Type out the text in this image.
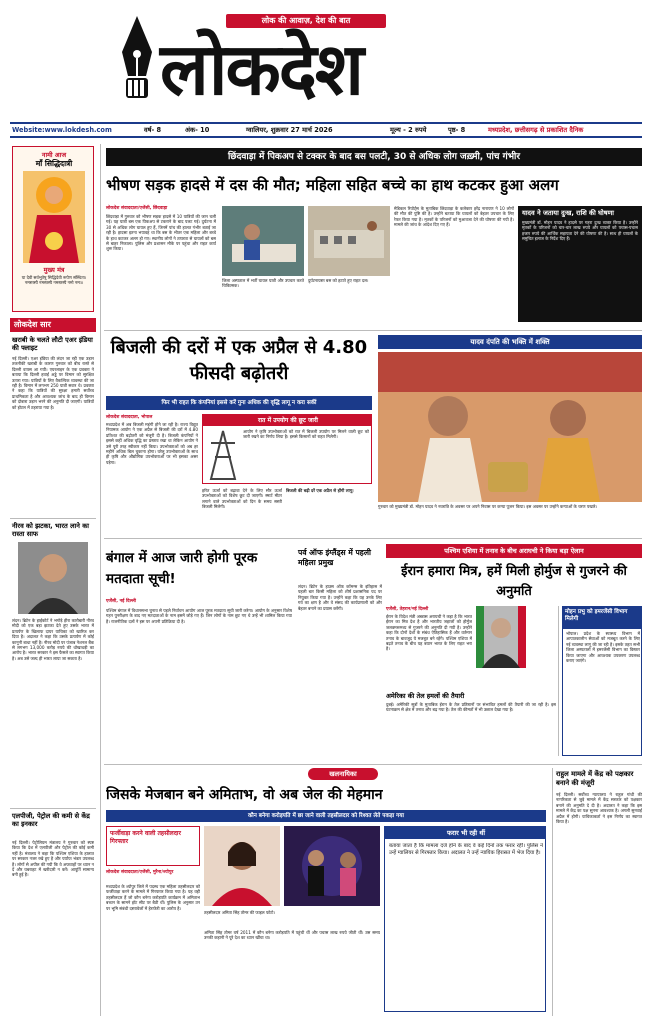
लोक की आवाज़, देश की बात
लोकदेश
Website:www.lokdesh.com	वर्ष- 8	अंक- 10	ग्वालियर, शुक्रवार 27 मार्च 2026	मूल्य - 2 रुपये	पृष्ठ- 8	मध्यप्रदेश, छत्तीसगढ़ से प्रकाशित दैनिक
नामी आज
माँ सिद्धिदात्री
मुख्य मंत्र
या देवी सर्वभूतेषु सिद्धिदेवी रूपेण संस्थिता। नमस्तस्यै नमस्तस्यै नमस्तस्यै नमो नमः॥
लोकदेश सार
खराबी के चलते लौटी एअर इंडिया की फ्लाइट
नई दिल्ली। एअर इंडिया की लंदन जा रही एक उड़ान तकनीकी खराबी के कारण गुरुवार को बीच रास्ते से दिल्ली वापस आ गयी। एयरलाइन के एक प्रवक्ता ने बताया कि दिल्ली हवाई अड्डे पर विमान को सुरक्षित उतारा गया। यात्रियों के लिए वैकल्पिक व्यवस्था की जा रही है। विमान में लगभग 250 यात्री सवार थे। प्रवक्ता ने कहा कि यात्रियों की सुरक्षा हमारी सर्वोच्च प्राथमिकता है और आवश्यक जांच के बाद ही विमान को दोबारा उड़ान भरने की अनुमति दी जाएगी। यात्रियों को होटल में ठहराया गया है।
नीरव को झटका, भारत लाने का रास्ता साफ
लंदन। ब्रिटेन के हाईकोर्ट ने भगोड़े हीरा कारोबारी नीरव मोदी को एक बड़ा झटका देते हुए उसके भारत में प्रत्यर्पण के खिलाफ दायर याचिका को खारिज कर दिया है। अदालत ने कहा कि उसके प्रत्यर्पण में कोई कानूनी बाधा नहीं है। नीरव मोदी पर पंजाब नेशनल बैंक से लगभग 13,000 करोड़ रुपये की धोखाधड़ी का आरोप है। भारत सरकार ने इस फैसले का स्वागत किया है। अब उसे जल्द ही भारत लाया जा सकता है।
एलपीजी, पेट्रोल की कमी से केंद्र का इनकार
नई दिल्ली। पेट्रोलियम मंत्रालय ने गुरुवार को स्पष्ट किया कि देश में एलपीजी और पेट्रोल की कोई कमी नहीं है। मंत्रालय ने कहा कि पश्चिम एशिया के हालात पर सरकार नजर रखे हुए है और पर्याप्त भंडार उपलब्ध है। लोगों से अपील की गयी कि वे अफवाहों पर ध्यान न दें और घबराहट में खरीदारी न करें। आपूर्ति सामान्य बनी हुई है।
छिंदवाड़ा में पिकअप से टक्कर के बाद बस पलटी, 30 से अधिक लोग जख़्मी, पांच गंभीर
भीषण सड़क हादसे में दस की मौत; महिला सहित बच्चे का हाथ कटकर हुआ अलग
लोकदेश संवाददाता/एजेंसी, छिंदवाड़ा
छिंदवाड़ा में गुरुवार को भीषण सड़क हादसे में 10 यात्रियों की जान चली गई। यह यात्री बस एक पिकअप से टकराने के बाद पलट गई। दुर्घटना में 30 से अधिक लोग घायल हुए हैं, जिनमें पांच की हालत गंभीर बताई जा रही है। हादसा इतना भयावह था कि बस के भीतर एक महिला और बच्चे के हाथ कटकर अलग हो गए। स्थानीय लोगों ने तत्परता से घायलों को बस से बाहर निकाला। पुलिस और प्रशासन मौके पर पहुंचा और राहत कार्य शुरू किया।
जिला अस्पताल में भर्ती घायल यात्री और उपचार करते चिकित्सक।
दुर्घटनाग्रस्त बस को हटाते हुए राहत दल।
मेडिकल रिपोर्ट्स के मुताबिक छिंदवाड़ा के कलेक्टर हरेंद्र नारायण ने 10 लोगों की मौत की पुष्टि की है। उन्होंने बताया कि घायलों को बेहतर उपचार के लिए रेफर किया गया है। मृतकों के परिजनों को मुआवजा देने की घोषणा की गयी है। मामले की जांच के आदेश दिए गए हैं।
यादव ने जताया दुःख, राशि की घोषणा
मुख्यमंत्री डॉ. मोहन यादव ने हादसे पर गहरा दुःख व्यक्त किया है। उन्होंने मृतकों के परिजनों को चार-चार लाख रुपये और घायलों को पचास-पचास हजार रुपये की आर्थिक सहायता देने की घोषणा की है। साथ ही घायलों के समुचित इलाज के निर्देश दिए हैं।
बिजली की दरों में एक अप्रैल से 4.80 फीसदी बढ़ोतरी
फिर भी राहत कि कंपनियां इससे करें गुना अधिक की वृद्धि लागू न करा सकीं
लोकदेश संवाददाता, भोपाल
मध्यप्रदेश में अब बिजली महंगी होने जा रही है। राज्य विद्युत नियामक आयोग ने एक अप्रैल से बिजली की दरों में 4.80 प्रतिशत की बढ़ोतरी को मंजूरी दी है। बिजली कंपनियों ने इससे कहीं अधिक वृद्धि का प्रस्ताव रखा था लेकिन आयोग ने उसे पूरी तरह स्वीकार नहीं किया। उपभोक्ताओं को अब हर महीने अधिक बिल चुकाना होगा। घरेलू उपभोक्ताओं के साथ ही कृषि और औद्योगिक उपभोक्ताओं पर भी इसका असर पड़ेगा।
रात में उपयोग की छूट जारी
आयोग ने कृषि उपभोक्ताओं को रात में बिजली उपयोग पर मिलने वाली छूट को जारी रखने का निर्णय लिया है। इससे किसानों को राहत मिलेगी।
हरित ऊर्जा को बढ़ावा देने के लिए सौर ऊर्जा उपभोक्ताओं को विशेष छूट दी जाएगी। स्मार्ट मीटर लगाने वाले उपभोक्ताओं को दिन के समय सस्ती बिजली मिलेगी।
बिजली की बढ़ी दरें एक अप्रैल से होंगी लागू।
यादव दंपति की भक्ति में शक्ति
गुरुवार को मुख्यमंत्री डॉ. मोहन यादव ने नवरात्रि के अवसर पर अपने निवास पर कन्या पूजन किया। इस अवसर पर उन्होंने कन्याओं के चरण पखारे।
बंगाल में आज जारी होगी पूरक मतदाता सूची!
एजेंसी, नई दिल्ली
पश्चिम बंगाल में विधानसभा चुनाव से पहले निर्वाचन आयोग आज पूरक मतदाता सूची जारी करेगा। आयोग के अनुसार विशेष गहन पुनरीक्षण के बाद नए मतदाताओं के नाम इसमें जोड़े गए हैं। जिन लोगों के नाम छूट गए थे उन्हें भी शामिल किया गया है। राजनीतिक दलों ने इस पर अपनी प्रतिक्रिया दी है।
पर्व ऑफ इंग्लैंड्स में पहली महिला प्रमुख
लंदन। ब्रिटेन के हाउस ऑफ कॉमन्स के इतिहास में पहली बार किसी महिला को शीर्ष प्रशासनिक पद पर नियुक्त किया गया है। उन्होंने कहा कि यह उनके लिए गर्व का क्षण है और वे संसद की कार्यप्रणाली को और बेहतर बनाने का प्रयास करेंगी।
पश्चिम एशिया में तनाव के बीच अराघची ने किया बड़ा ऐलान
ईरान हमारा मित्र, हमें मिली होर्मुज से गुजरने की अनुमति
एजेंसी, तेहरान/नई दिल्ली
ईरान के विदेश मंत्री अब्बास अराघची ने कहा है कि भारत ईरान का मित्र देश है और भारतीय जहाजों को होर्मुज जलडमरूमध्य से गुजरने की अनुमति दी गयी है। उन्होंने कहा कि दोनों देशों के संबंध ऐतिहासिक हैं और वर्तमान तनाव के बावजूद ये मजबूत बने रहेंगे। पश्चिम एशिया में बढ़ते तनाव के बीच यह बयान भारत के लिए राहत भरा है।
अमेरिका की तेल हमलों की तैयारी
दुबई। अमेरिकी सूत्रों के मुताबिक ईरान के तेल प्रतिष्ठानों पर संभावित हमलों की तैयारी की जा रही है। इस घटनाक्रम से क्षेत्र में तनाव और बढ़ गया है। तेल की कीमतों में भी उछाल देखा गया है।
मोहन प्रभु को इमरजेंसी विभाग मिलेगी
भोपाल। प्रदेश के स्वास्थ्य विभाग में आपातकालीन सेवाओं को मजबूत करने के लिए नई व्यवस्था लागू की जा रही है। इसके तहत सभी जिला अस्पतालों में इमरजेंसी विभाग का विस्तार किया जाएगा और आवश्यक उपकरण उपलब्ध कराए जाएंगे।
खलनायिका
जिसके मेजबान बने अमिताभ, वो अब जेल की मेहमान
कौन बनेगा करोड़पति में छा जाने वाली तहसीलदार को रिश्वत लेते पकड़ा गया
फर्जीवाड़ा करने वाली तहसीलदार गिरफ्तार
लोकदेश संवाददाता/एजेंसी, मुरैना/श्योपुर
मध्यप्रदेश के श्योपुर जिले में पदस्थ एक महिला तहसीलदार को फर्जीवाड़ा करने के मामले में गिरफ्तार किया गया है। यह वही तहसीलदार हैं जो कौन बनेगा करोड़पति कार्यक्रम में अमिताभ बच्चन के सामने हॉट सीट पर बैठी थीं। पुलिस के अनुसार उन पर भूमि संबंधी दस्तावेजों में हेराफेरी का आरोप है।
तहसीलदार अमिता सिंह तोमर की फाइल फोटो।
अमिता सिंह तोमर वर्ष 2011 में कौन बनेगा करोड़पति में पहुंची थीं और पचास लाख रुपये जीती थीं। उस समय उनकी कहानी ने पूरे देश का ध्यान खींचा था।
फरार भी रही थीं
बताया जाता है कि मामला दर्ज होने के बाद वे कई दिनों तक फरार रहीं। पुलिस ने उन्हें ग्वालियर से गिरफ्तार किया। अदालत ने उन्हें न्यायिक हिरासत में भेज दिया है।
राहुल मामले में केंद्र को पक्षकार बनाने की मंजूरी
नई दिल्ली। सर्वोच्च न्यायालय ने राहुल गांधी की नागरिकता से जुड़े मामले में केंद्र सरकार को पक्षकार बनाने की अनुमति दे दी है। अदालत ने कहा कि इस मामले में केंद्र का पक्ष सुनना आवश्यक है। अगली सुनवाई अप्रैल में होगी। याचिकाकर्ता ने इस निर्णय का स्वागत किया है।
